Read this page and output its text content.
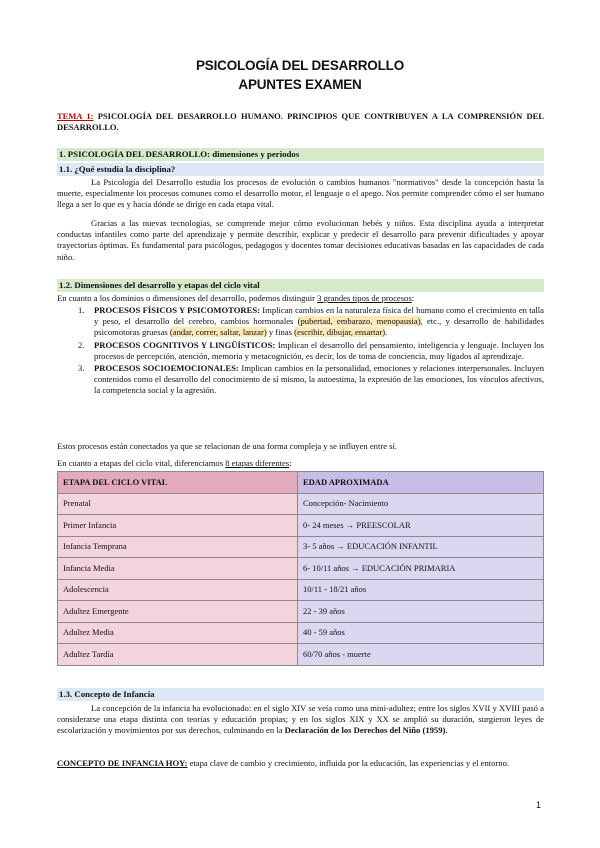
PSICOLOGÍA DEL DESARROLLO
APUNTES EXAMEN
TEMA 1: PSICOLOGÍA DEL DESARROLLO HUMANO. PRINCIPIOS QUE CONTRIBUYEN A LA COMPRENSIÓN DEL DESARROLLO.
1. PSICOLOGÍA DEL DESARROLLO: dimensiones y periodos
1.1. ¿Qué estudia la disciplina?
La Psicología del Desarrollo estudia los procesos de evolución o cambios humanos "normativos" desde la concepción hasta la muerte, especialmente los procesos comunes como el desarrollo motor, el lenguaje o el apego. Nos permite comprender cómo el ser humano llega a ser lo que es y hacia dónde se dirige en cada etapa vital.
Gracias a las nuevas tecnologías, se comprende mejor cómo evolucionan bebés y niños. Esta disciplina ayuda a interpretar conductas infantiles como parte del aprendizaje y permite describir, explicar y predecir el desarrollo para prevenir dificultades y apoyar trayectorias óptimas. Es fundamental para psicólogos, pedagogos y docentes tomar decisiones educativas basadas en las capacidades de cada niño.
1.2. Dimensiones del desarrollo y etapas del ciclo vital
En cuanto a los dominios o dimensiones del desarrollo, podemos distinguir 3 grandes tipos de procesos:
1. PROCESOS FÍSICOS Y PSICOMOTORES: Implican cambios en la naturaleza física del humano como el crecimiento en talla y peso, el desarrollo del cerebro, cambios hormonales (pubertad, embarazo, menopausia), etc., y desarrollo de habilidades psicomotoras gruesas (andar, correr, saltar, lanzar) y finas (escribir, dibujar, ensartar).
2. PROCESOS COGNITIVOS Y LINGÜÍSTICOS: Implican el desarrollo del pensamiento, inteligencia y lenguaje. Incluyen los procesos de percepción, atención, memoria y metacognición, es decir, los de toma de conciencia, muy ligados al aprendizaje.
3. PROCESOS SOCIOEMOCIONALES: Implican cambios en la personalidad, emociones y relaciones interpersonales. Incluyen contenidos como el desarrollo del conocimiento de sí mismo, la autoestima, la expresión de las emociones, los vínculos afectivos, la competencia social y la agresión.
Estos procesos están conectados ya que se relacionan de una forma compleja y se influyen entre sí.
En cuanto a etapas del ciclo vital, diferenciamos 8 etapas diferentes:
ETAPA DEL CICLO VITAL	EDAD APROXIMADA
Prenatal	Concepción- Nacimiento
Primer Infancia	0- 24 meses → PREESCOLAR
Infancia Temprana	3- 5 años → EDUCACIÓN INFANTIL
Infancia Media	6- 10/11 años → EDUCACIÓN PRIMARIA
Adolescencia	10/11 - 18/21 años
Adultez Emergente	22 - 39 años
Adultez Media	40 - 59 años
Adultez Tardía	60/70 años - muerte
1.3. Concepto de Infancia
La concepción de la infancia ha evolucionado: en el siglo XIV se veía como una mini-adultez; entre los siglos XVII y XVIII pasó a considerarse una etapa distinta con teorías y educación propias; y en los siglos XIX y XX se amplió su duración, surgieron leyes de escolarización y movimientos por sus derechos, culminando en la Declaración de los Derechos del Niño (1959).
CONCEPTO DE INFANCIA HOY: etapa clave de cambio y crecimiento, influida por la educación, las experiencias y el entorno.
1
